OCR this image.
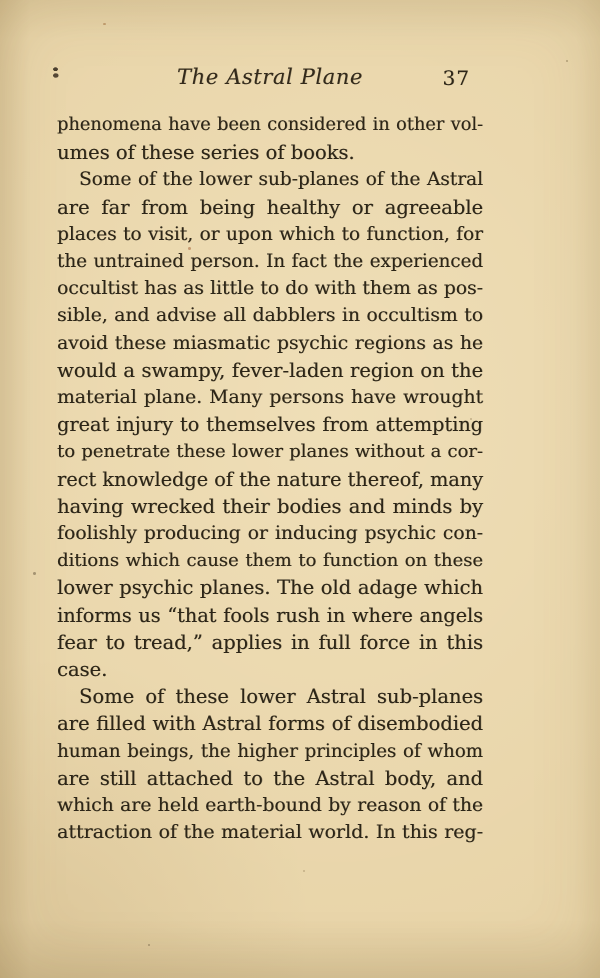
The Astral Plane	37
phenomena have been considered in other vol-
umes of these series of books.
Some of the lower sub-planes of the Astral
are far from being healthy or agreeable
places to visit, or upon which to function, for
the untrained person. In fact the experienced
occultist has as little to do with them as pos-
sible, and advise all dabblers in occultism to
avoid these miasmatic psychic regions as he
would a swampy, fever-laden region on the
material plane. Many persons have wrought
great injury to themselves from attempting
to penetrate these lower planes without a cor-
rect knowledge of the nature thereof, many
having wrecked their bodies and minds by
foolishly producing or inducing psychic con-
ditions which cause them to function on these
lower psychic planes. The old adage which
informs us “that fools rush in where angels
fear to tread,” applies in full force in this
case.
Some of these lower Astral sub-planes
are filled with Astral forms of disembodied
human beings, the higher principles of whom
are still attached to the Astral body, and
which are held earth-bound by reason of the
attraction of the material world. In this reg-
